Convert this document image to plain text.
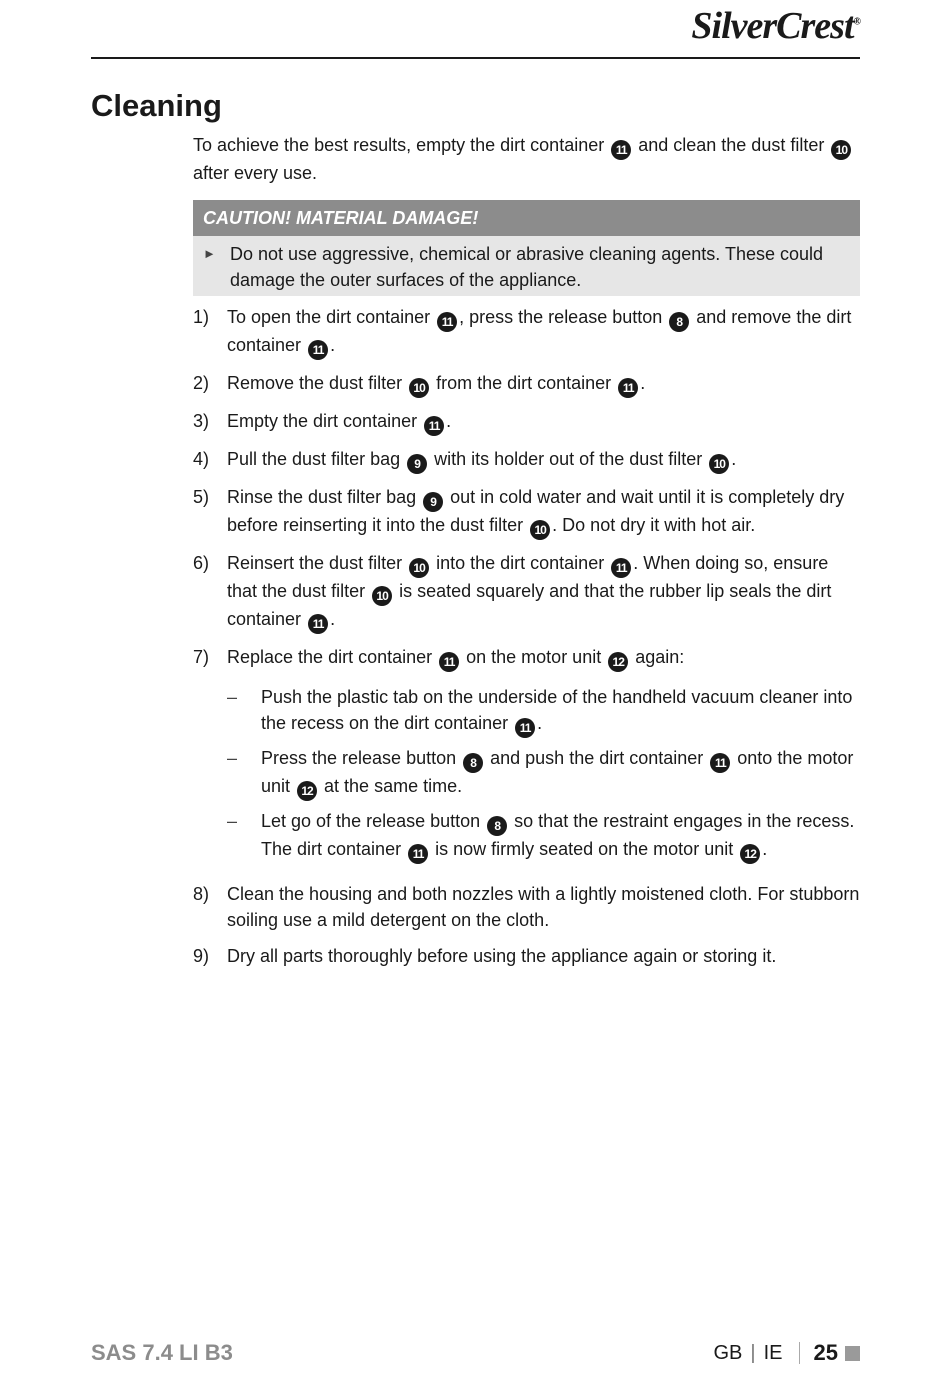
SilverCrest®
Cleaning

To achieve the best results, empty the dirt container 11 and clean the dust filter 10 after every use.

CAUTION! MATERIAL DAMAGE!
► Do not use aggressive, chemical or abrasive cleaning agents. These could damage the outer surfaces of the appliance.
1) To open the dirt container 11 , press the release button 8 and remove the dirt container 11 .
2) Remove the dust filter 10 from the dirt container 11 .
3) Empty the dirt container 11 .
4) Pull the dust filter bag 9 with its holder out of the dust filter 10 .
5) Rinse the dust filter bag 9 out in cold water and wait until it is completely dry before reinserting it into the dust filter 10 . Do not dry it with hot air.
6) Reinsert the dust filter 10 into the dirt container 11 . When doing so, ensure that the dust filter 10 is seated squarely and that the rubber lip seals the dirt container 11 .
7) Replace the dirt container 11 on the motor unit 12 again:
–	Push the plastic tab on the underside of the handheld vacuum cleaner into the recess on the dirt container 11 .
–	Press the release button 8 and push the dirt container 11 onto the motor unit 12 at the same time.
–	Let go of the release button 8 so that the restraint engages in the recess. The dirt container 11 is now firmly seated on the motor unit 12 .
8) Clean the housing and both nozzles with a lightly moistened cloth. For stubborn soiling use a mild detergent on the cloth.
9) Dry all parts thoroughly before using the appliance again or storing it.
SAS 7.4 LI B3	GB | IE 25
